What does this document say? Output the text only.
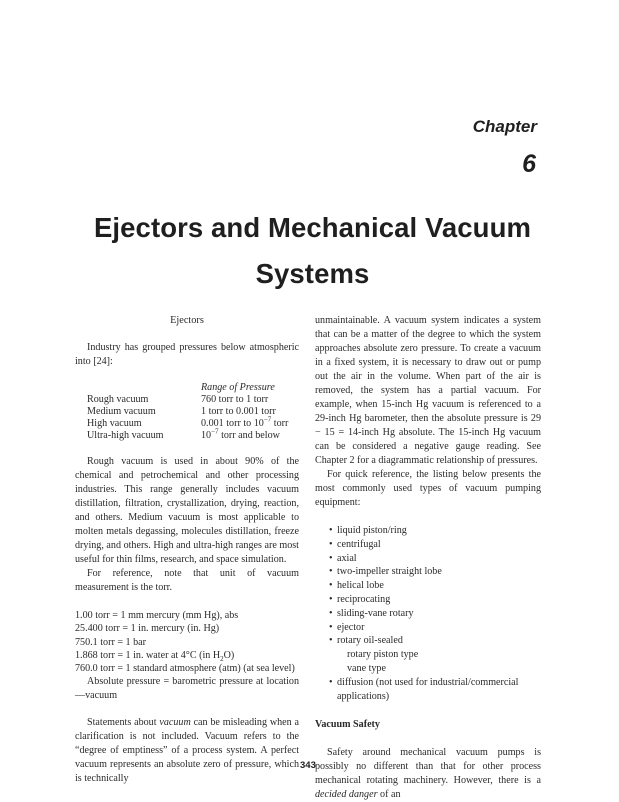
Chapter
6
Ejectors and Mechanical Vacuum Systems
Ejectors

Industry has grouped pressures below atmospheric into [24]:

	Range of Pressure
Rough vacuum	760 torr to 1 torr
Medium vacuum	1 torr to 0.001 torr
High vacuum	0.001 torr to $10^{-7}$ torr
Ultra-high vacuum	$10^{-7}$ torr and below

Rough vacuum is used in about 90% of the chemical and petrochemical and other processing industries. This range generally includes vacuum distillation, filtration, crystallization, drying, reaction, and others. Medium vacuum is most applicable to molten metals degassing, molecules distillation, freeze drying, and others. High and ultra-high ranges are most useful for thin films, research, and space simulation.

For reference, note that unit of vacuum measurement is the torr.

1.00 torr = 1 mm mercury (mm Hg), abs

25.400 torr = 1 in. mercury (in. Hg)

750.1 torr = 1 bar

1.868 torr = 1 in. water at 4°C (in $H_2O$)

760.0 torr = 1 standard atmosphere (atm) (at sea level)

Absolute pressure = barometric pressure at location—vacuum

Statements about vacuum can be misleading when a clarification is not included. Vacuum refers to the “degree of emptiness” of a process system. A perfect vacuum represents an absolute zero of pressure, which is technically

unmaintainable. A vacuum system indicates a system that can be a matter of the degree to which the system approaches absolute zero pressure. To create a vacuum in a fixed system, it is necessary to draw out or pump out the air in the volume. When part of the air is removed, the system has a partial vacuum. For example, when 15-inch Hg vacuum is referenced to a 29-inch Hg barometer, then the absolute pressure is 29 − 15 = 14-inch Hg absolute. The 15-inch Hg vacuum can be considered a negative gauge reading. See Chapter 2 for a diagrammatic relationship of pressures.

For quick reference, the listing below presents the most commonly used types of vacuum pumping equipment:

• liquid piston/ring
• centrifugal
• axial
• two-impeller straight lobe
• helical lobe
• reciprocating
• sliding-vane rotary
• ejector
• rotary oil-sealed
rotary piston type
vane type
• diffusion (not used for industrial/commercial applications)
Vacuum Safety

Safety around mechanical vacuum pumps is possibly no different than that for other process mechanical rotating machinery. However, there is a decided danger of an

343
